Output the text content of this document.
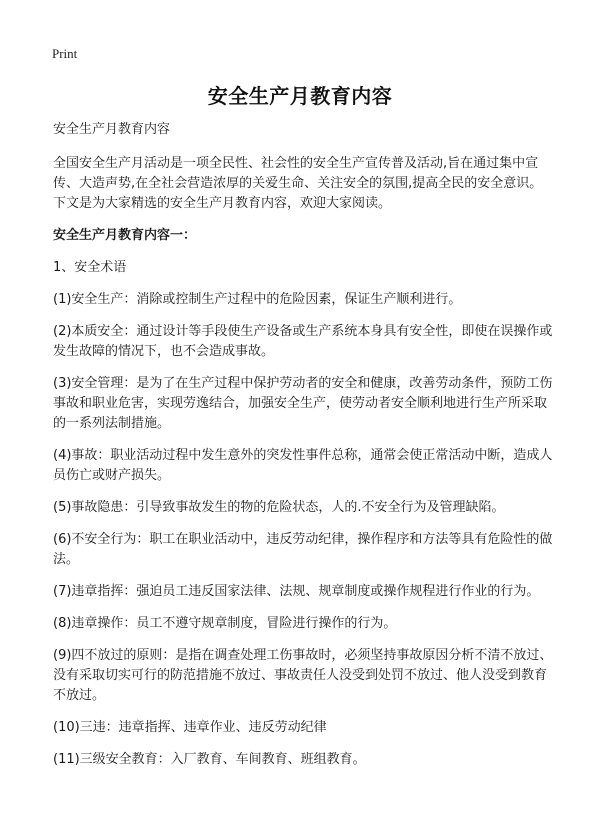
Print
安全生产月教育内容

安全生产月教育内容

全国安全生产月活动是一项全民性、社会性的安全生产宣传普及活动,旨在通过集中宣传、大造声势,在全社会营造浓厚的关爱生命、关注安全的氛围,提高全民的安全意识。下文是为大家精选的安全生产月教育内容，欢迎大家阅读。

安全生产月教育内容一：

1、安全术语

(1)安全生产：消除或控制生产过程中的危险因素，保证生产顺利进行。

(2)本质安全：通过设计等手段使生产设备或生产系统本身具有安全性，即使在误操作或发生故障的情况下，也不会造成事故。

(3)安全管理：是为了在生产过程中保护劳动者的安全和健康，改善劳动条件，预防工伤事故和职业危害，实现劳逸结合，加强安全生产，使劳动者安全顺利地进行生产所采取的一系列法制措施。

(4)事故：职业活动过程中发生意外的突发性事件总称，通常会使正常活动中断，造成人员伤亡或财产损失。

(5)事故隐患：引导致事故发生的物的危险状态，人的.不安全行为及管理缺陷。

(6)不安全行为：职工在职业活动中，违反劳动纪律，操作程序和方法等具有危险性的做法。

(7)违章指挥：强迫员工违反国家法律、法规、规章制度或操作规程进行作业的行为。

(8)违章操作：员工不遵守规章制度，冒险进行操作的行为。

(9)四不放过的原则：是指在调查处理工伤事故时，必须坚持事故原因分析不清不放过、没有采取切实可行的防范措施不放过、事故责任人没受到处罚不放过、他人没受到教育不放过。

(10)三违：违章指挥、违章作业、违反劳动纪律

(11)三级安全教育：入厂教育、车间教育、班组教育。
